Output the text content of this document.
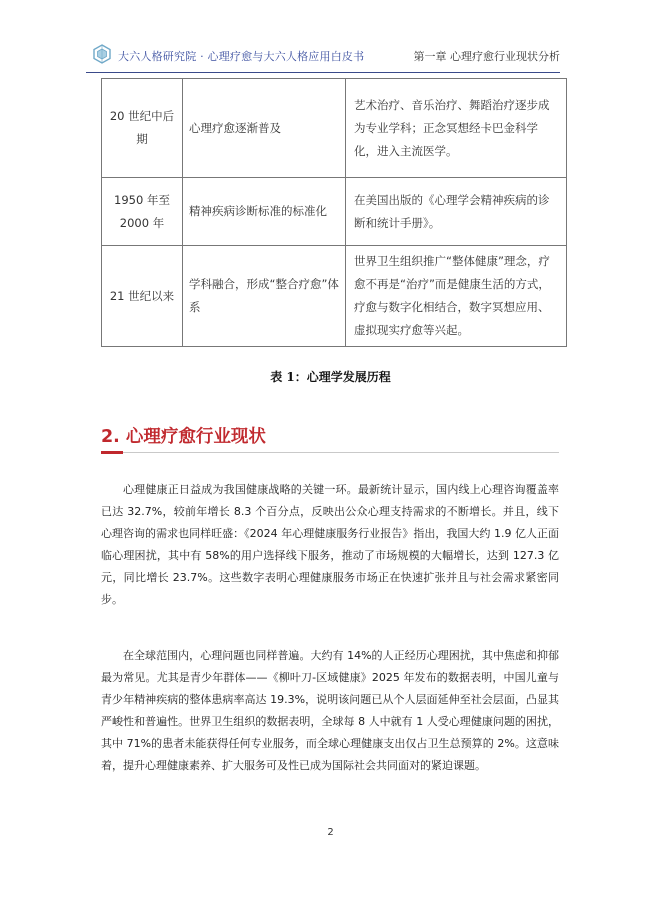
大六人格研究院 · 心理疗愈与大六人格应用白皮书	第一章 心理疗愈行业现状分析
20 世纪中后期	心理疗愈逐渐普及	艺术治疗、音乐治疗、舞蹈治疗逐步成为专业学科；正念冥想经卡巴金科学化，进入主流医学。
1950 年至 2000 年	精神疾病诊断标准的标准化	在美国出版的《心理学会精神疾病的诊断和统计手册》。
21 世纪以来	学科融合，形成“整合疗愈”体系	世界卫生组织推广“整体健康”理念，疗愈不再是“治疗”而是健康生活的方式，疗愈与数字化相结合，数字冥想应用、虚拟现实疗愈等兴起。
表 1：心理学发展历程
2. 心理疗愈行业现状

心理健康正日益成为我国健康战略的关键一环。最新统计显示，国内线上心理咨询覆盖率已达 32.7%，较前年增长 8.3 个百分点，反映出公众心理支持需求的不断增长。并且，线下心理咨询的需求也同样旺盛：《2024 年心理健康服务行业报告》指出，我国大约 1.9 亿人正面临心理困扰，其中有 58%的用户选择线下服务，推动了市场规模的大幅增长，达到 127.3 亿元，同比增长 23.7%。这些数字表明心理健康服务市场正在快速扩张并且与社会需求紧密同步。

在全球范围内，心理问题也同样普遍。大约有 14%的人正经历心理困扰，其中焦虑和抑郁最为常见。尤其是青少年群体——《柳叶刀-区域健康》2025 年发布的数据表明，中国儿童与青少年精神疾病的整体患病率高达 19.3%，说明该问题已从个人层面延伸至社会层面，凸显其严峻性和普遍性。世界卫生组织的数据表明，全球每 8 人中就有 1 人受心理健康问题的困扰，其中 71%的患者未能获得任何专业服务，而全球心理健康支出仅占卫生总预算的 2%。这意味着，提升心理健康素养、扩大服务可及性已成为国际社会共同面对的紧迫课题。

2
